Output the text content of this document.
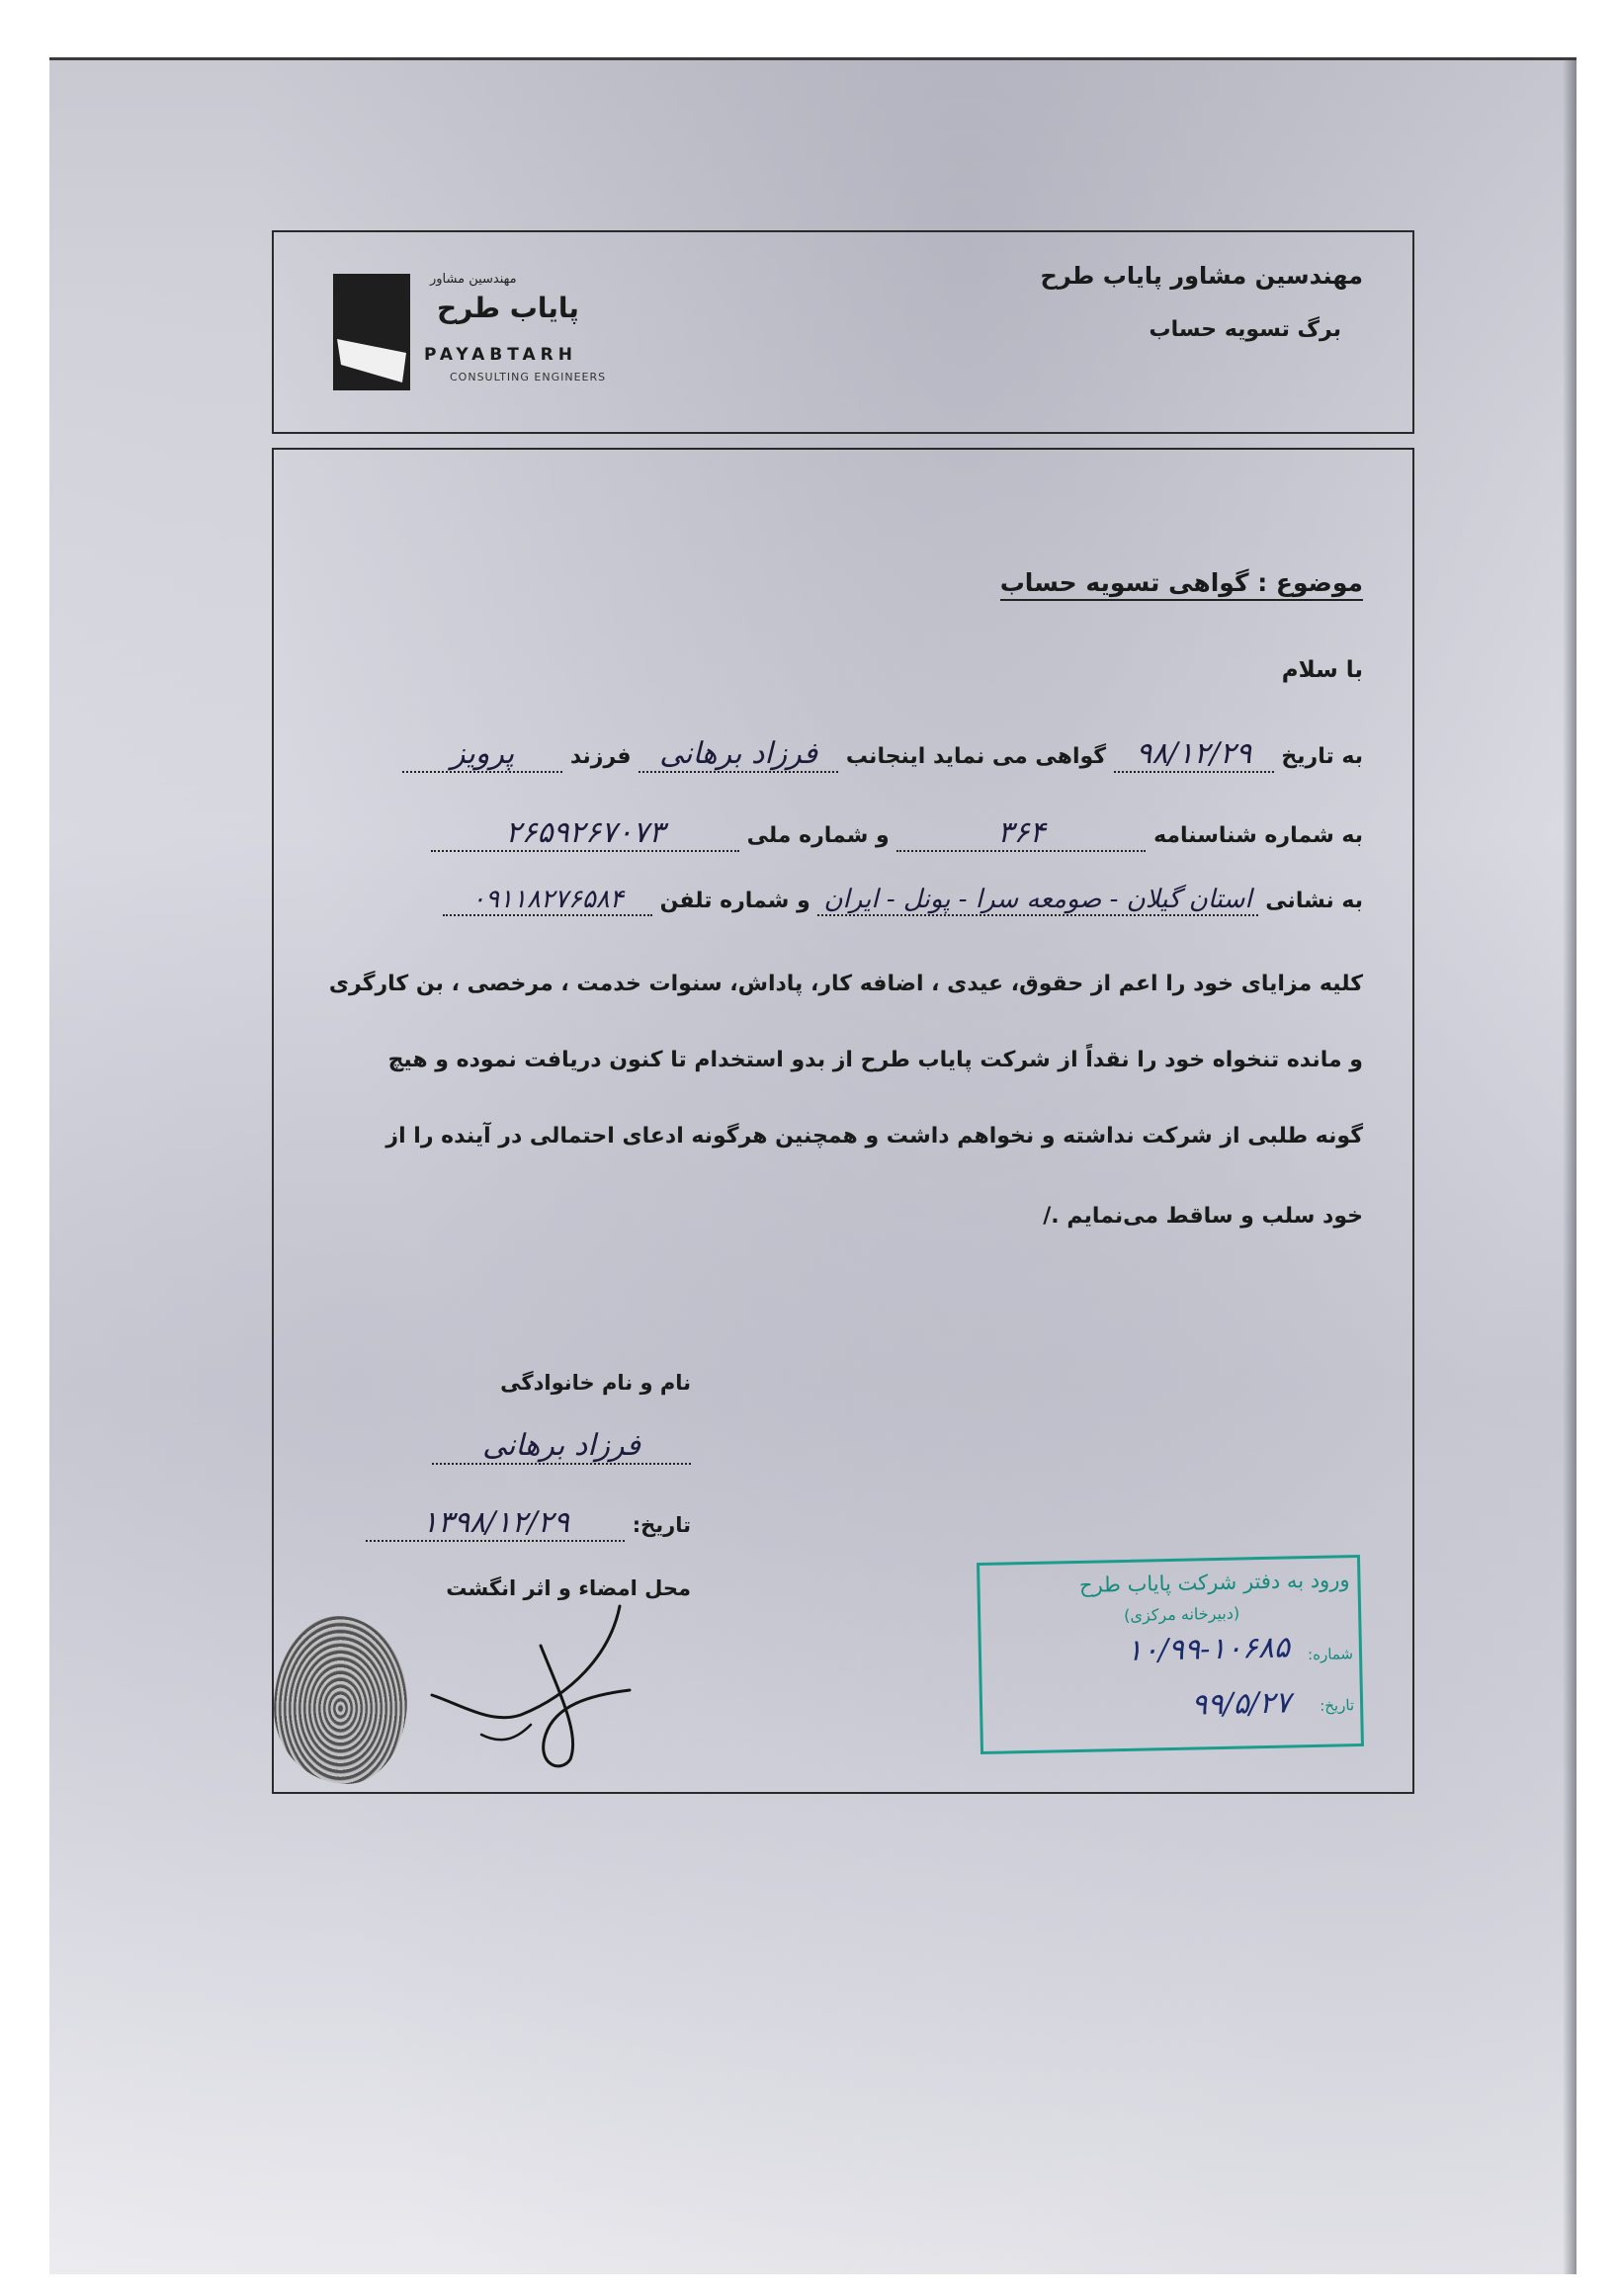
مهندسین مشاور پایاب طرح
برگ تسویه حساب
مهندسین مشاور
پایاب طرح
PAYABTARH
CONSULTING ENGINEERS
موضوع : گواهی تسویه حساب
با سلام
به تاریخ ۹۸/۱۲/۲۹ گواهی می نماید اینجانب فرزاد برهانی فرزند پرویز
به شماره شناسنامه ۳۶۴ و شماره ملی ۲۶۵۹۲۶۷۰۷۳
به نشانی استان گیلان - صومعه سرا - پونل - ایران و شماره تلفن ۰۹۱۱۸۲۷۶۵۸۴
کلیه مزایای خود را اعم از حقوق، عیدی ، اضافه کار، پاداش، سنوات خدمت ، مرخصی ، بن کارگری
و مانده تنخواه خود را نقداً از شرکت پایاب طرح از بدو استخدام تا کنون دریافت نموده و هیچ
گونه طلبی از شرکت نداشته و نخواهم داشت و همچنین هرگونه ادعای احتمالی در آینده را از
خود سلب و ساقط می‌نمایم ./
نام و نام خانوادگی
فرزاد برهانی
تاریخ: ۱۳۹۸/۱۲/۲۹
محل امضاء و اثر انگشت	ورود به دفتر شرکت پایاب طرح
(دبیرخانه مرکزی)
شماره:
۱۰/۹۹-۱۰۶۸۵
تاریخ:
۹۹/۵/۲۷
